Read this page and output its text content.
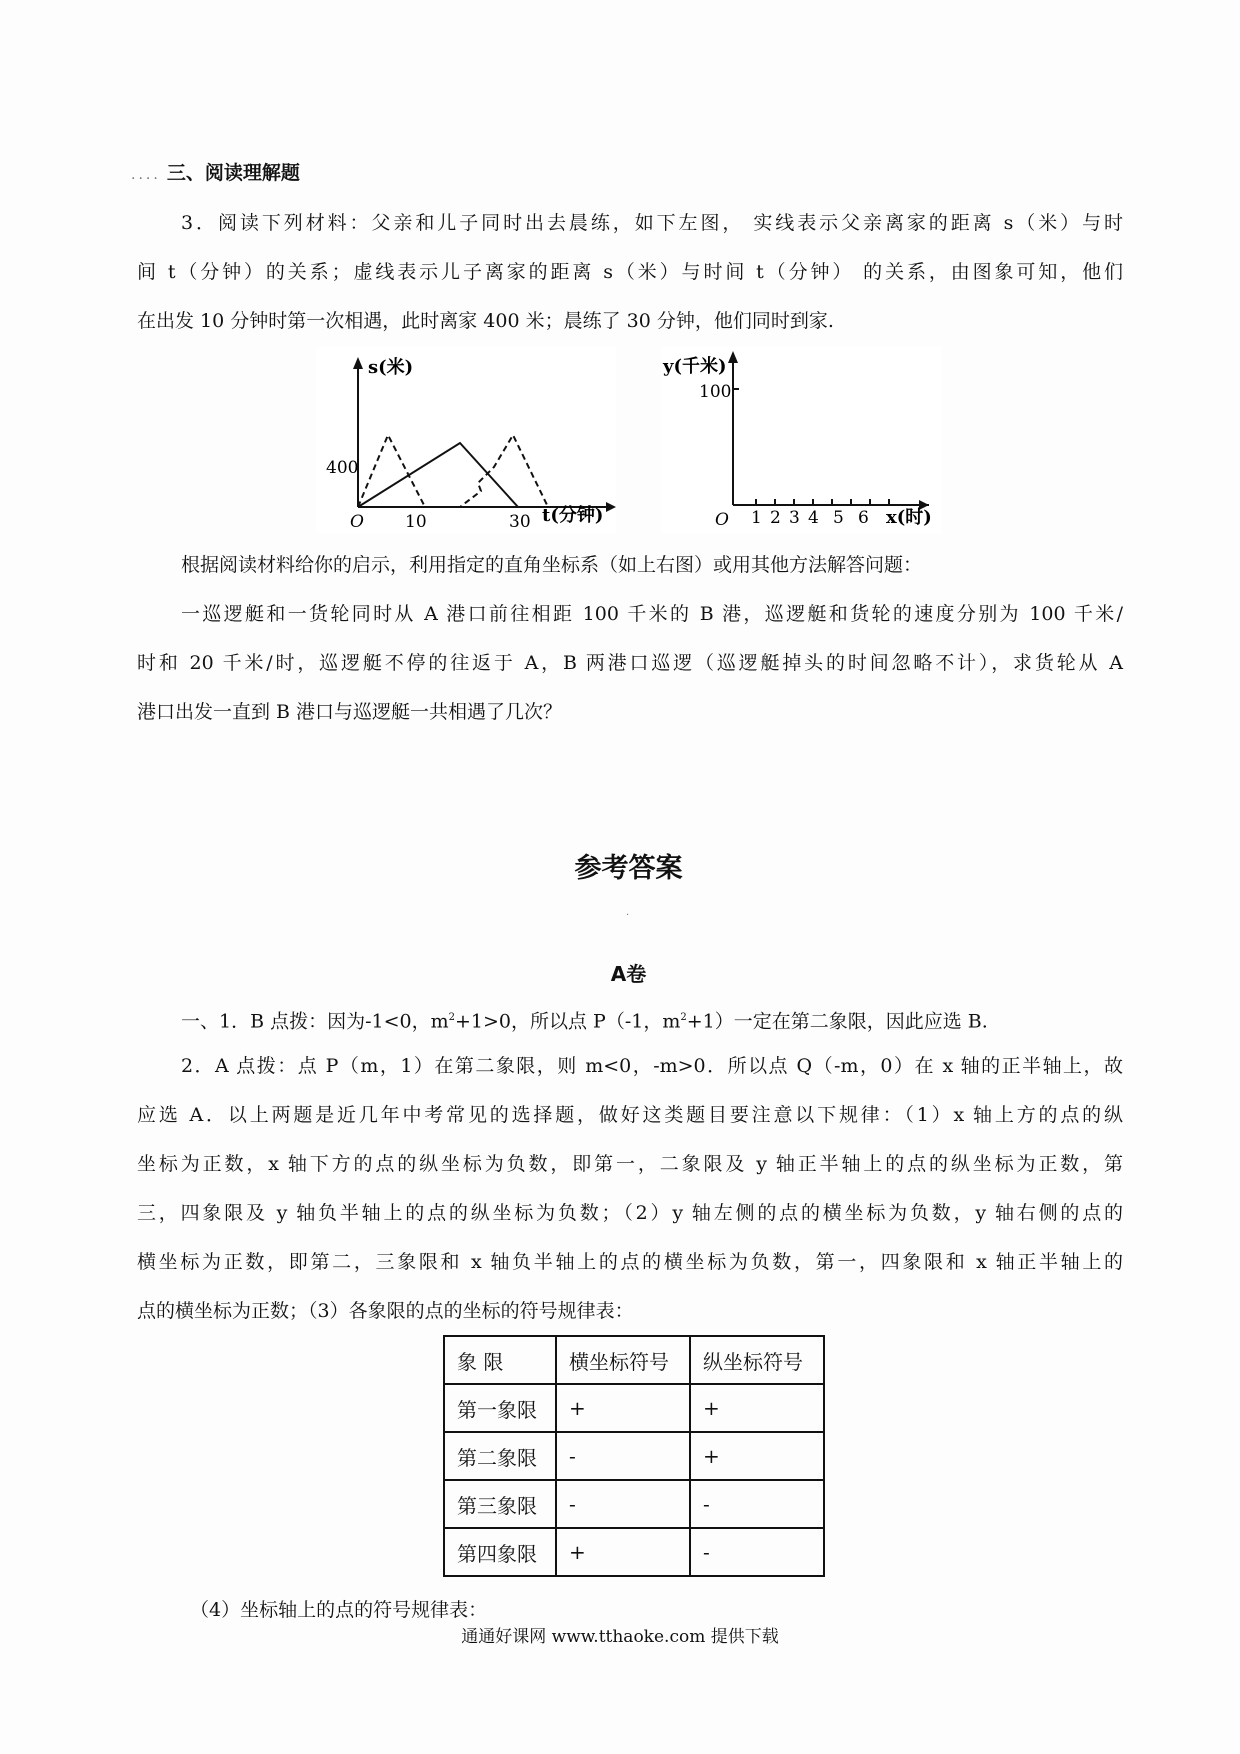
.... 三、阅读理解题
3．阅读下列材料：父亲和儿子同时出去晨练，如下左图， 实线表示父亲离家的距离 s（米）与时
间 t（分钟）的关系；虚线表示儿子离家的距离 s（米）与时间 t（分钟） 的关系，由图象可知，他们
在出发 10 分钟时第一次相遇，此时离家 400 米；晨练了 30 分钟，他们同时到家.
s(米)
400
O 10	30 t(分钟)
y(千米)
100
O 1 2 3 4 5 6 x(时)
根据阅读材料给你的启示，利用指定的直角坐标系（如上右图）或用其他方法解答问题：
一巡逻艇和一货轮同时从 A 港口前往相距 100 千米的 B 港，巡逻艇和货轮的速度分别为 100 千米/
时和 20 千米/时，巡逻艇不停的往返于 A，B 两港口巡逻（巡逻艇掉头的时间忽略不计），求货轮从 A
港口出发一直到 B 港口与巡逻艇一共相遇了几次？
参考答案
·
A卷
一、1．B 点拨：因为-1<0，$m^2+1>0$，所以点 P（-1，$m^2+1$）一定在第二象限，因此应选 B.
2．A 点拨：点 P（m，1）在第二象限，则 m<0，-m>0．所以点 Q（-m，0）在 x 轴的正半轴上，故
应选 A．以上两题是近几年中考常见的选择题，做好这类题目要注意以下规律：（1）x 轴上方的点的纵
坐标为正数，x 轴下方的点的纵坐标为负数，即第一，二象限及 y 轴正半轴上的点的纵坐标为正数，第
三，四象限及 y 轴负半轴上的点的纵坐标为负数；（2）y 轴左侧的点的横坐标为负数，y 轴右侧的点的
横坐标为正数，即第二，三象限和 x 轴负半轴上的点的横坐标为负数，第一，四象限和 x 轴正半轴上的
点的横坐标为正数；（3）各象限的点的坐标的符号规律表：
象 限	横坐标符号	纵坐标符号
第一象限	+	+
第二象限	-	+
第三象限	-	-
第四象限	+	-
（4）坐标轴上的点的符号规律表：
通通好课网 www.tthaoke.com 提供下载
